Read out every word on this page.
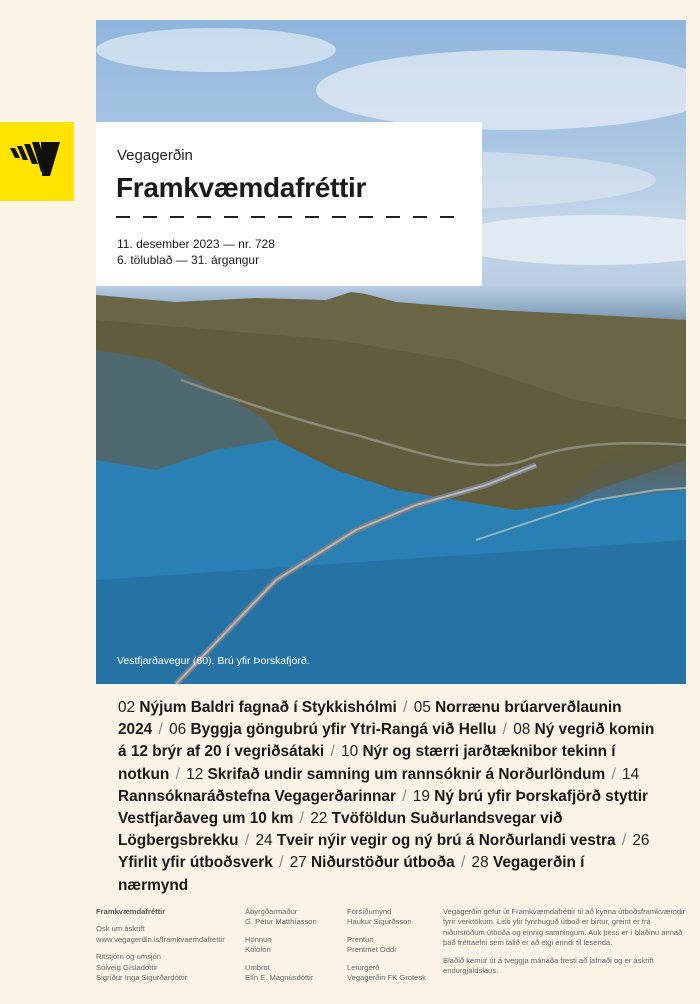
Vestfjarðavegur (60). Brú yfir Þorskafjörð.
Vegagerðin
Framkvæmdafréttir
11. desember 2023 — nr. 728
6. tölublað — 31. árgangur
02 Nýjum Baldri fagnað í Stykkishólmi / 05 Norrænu brúarverðlaunin 2024 / 06 Byggja göngubrú yfir Ytri-Rangá við Hellu / 08 Ný vegrið komin á 12 brýr af 20 í vegriðsátaki / 10 Nýr og stærri jarðtæknibor tekinn í notkun / 12 Skrifað undir samning um rannsóknir á Norðurlöndum / 14 Rannsóknaráðstefna Vegagerðarinnar / 19 Ný brú yfir Þorskafjörð styttir Vestfjarðaveg um 10 km / 22 Tvöföldun Suðurlandsvegar við Lögbergsbrekku / 24 Tveir nýir vegir og ný brú á Norðurlandi vestra / 26 Yfirlit yfir útboðsverk / 27 Niðurstöður útboða / 28 Vegagerðin í nærmynd
Framkvæmdafréttir
Ósk um áskrift
www.vegagerdin.is/framkvaemdafrettir
Ritstjórn og umsjón
Sólveig Gísladóttir
Sigríður Inga Sigurðardóttir
Ábyrgðarmaður
G. Pétur Matthíasson
Hönnun
Kolofon
Umbrot
Elín E. Magnúsdóttir
Forsíðumynd
Haukur Sigurðsson
Prentun
Prentmet Oddi
Leturgerð
Vegagerðin FK Grotesk
Vegagerðin gefur út Framkvæmdafréttir til að kynna útboðsframkvæmdir fyrir verktökum. Listi yfir fyrirhuguð útboð er birtur, greint er frá niðurstöðum útboða og einnig samningum. Auk þess er í blaðinu annað það fréttaefni sem talið er að eigi erindi til lesenda.
Blaðið kemur út á tveggja mánaða fresti að jafnaði og er áskrift endurgjaldslaus.
